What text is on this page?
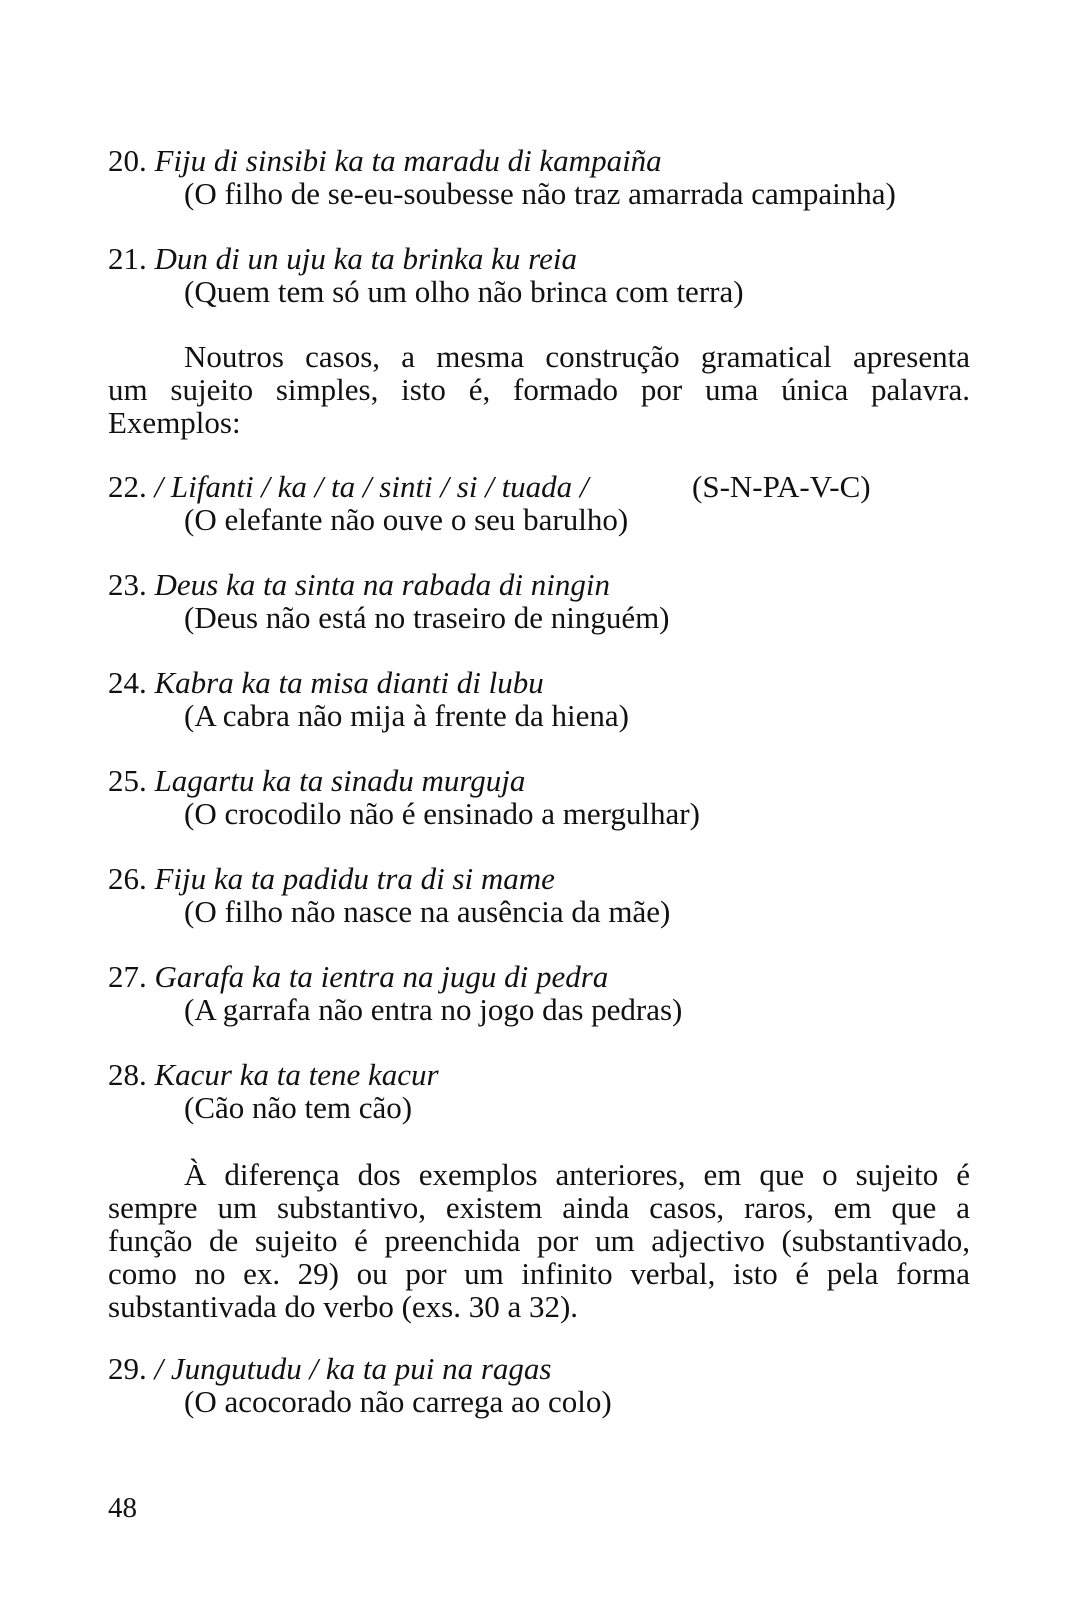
20. Fiju di sinsibi ka ta maradu di kampaiña
(O filho de se-eu-soubesse não traz amarrada campainha)
21. Dun di un uju ka ta brinka ku reia
(Quem tem só um olho não brinca com terra)
Noutros casos, a mesma construção gramatical apresenta
um sujeito simples, isto é, formado por uma única palavra.
Exemplos:
22. / Lifanti / ka / ta / sinti / si / tuada /	(S-N-PA-V-C)
(O elefante não ouve o seu barulho)
23. Deus ka ta sinta na rabada di ningin
(Deus não está no traseiro de ninguém)
24. Kabra ka ta misa dianti di lubu
(A cabra não mija à frente da hiena)
25. Lagartu ka ta sinadu murguja
(O crocodilo não é ensinado a mergulhar)
26. Fiju ka ta padidu tra di si mame
(O filho não nasce na ausência da mãe)
27. Garafa ka ta ientra na jugu di pedra
(A garrafa não entra no jogo das pedras)
28. Kacur ka ta tene kacur
(Cão não tem cão)
À diferença dos exemplos anteriores, em que o sujeito é
sempre um substantivo, existem ainda casos, raros, em que a
função de sujeito é preenchida por um adjectivo (substantivado,
como no ex. 29) ou por um infinito verbal, isto é pela forma
substantivada do verbo (exs. 30 a 32).
29. / Jungutudu / ka ta pui na ragas
(O acocorado não carrega ao colo)
48
